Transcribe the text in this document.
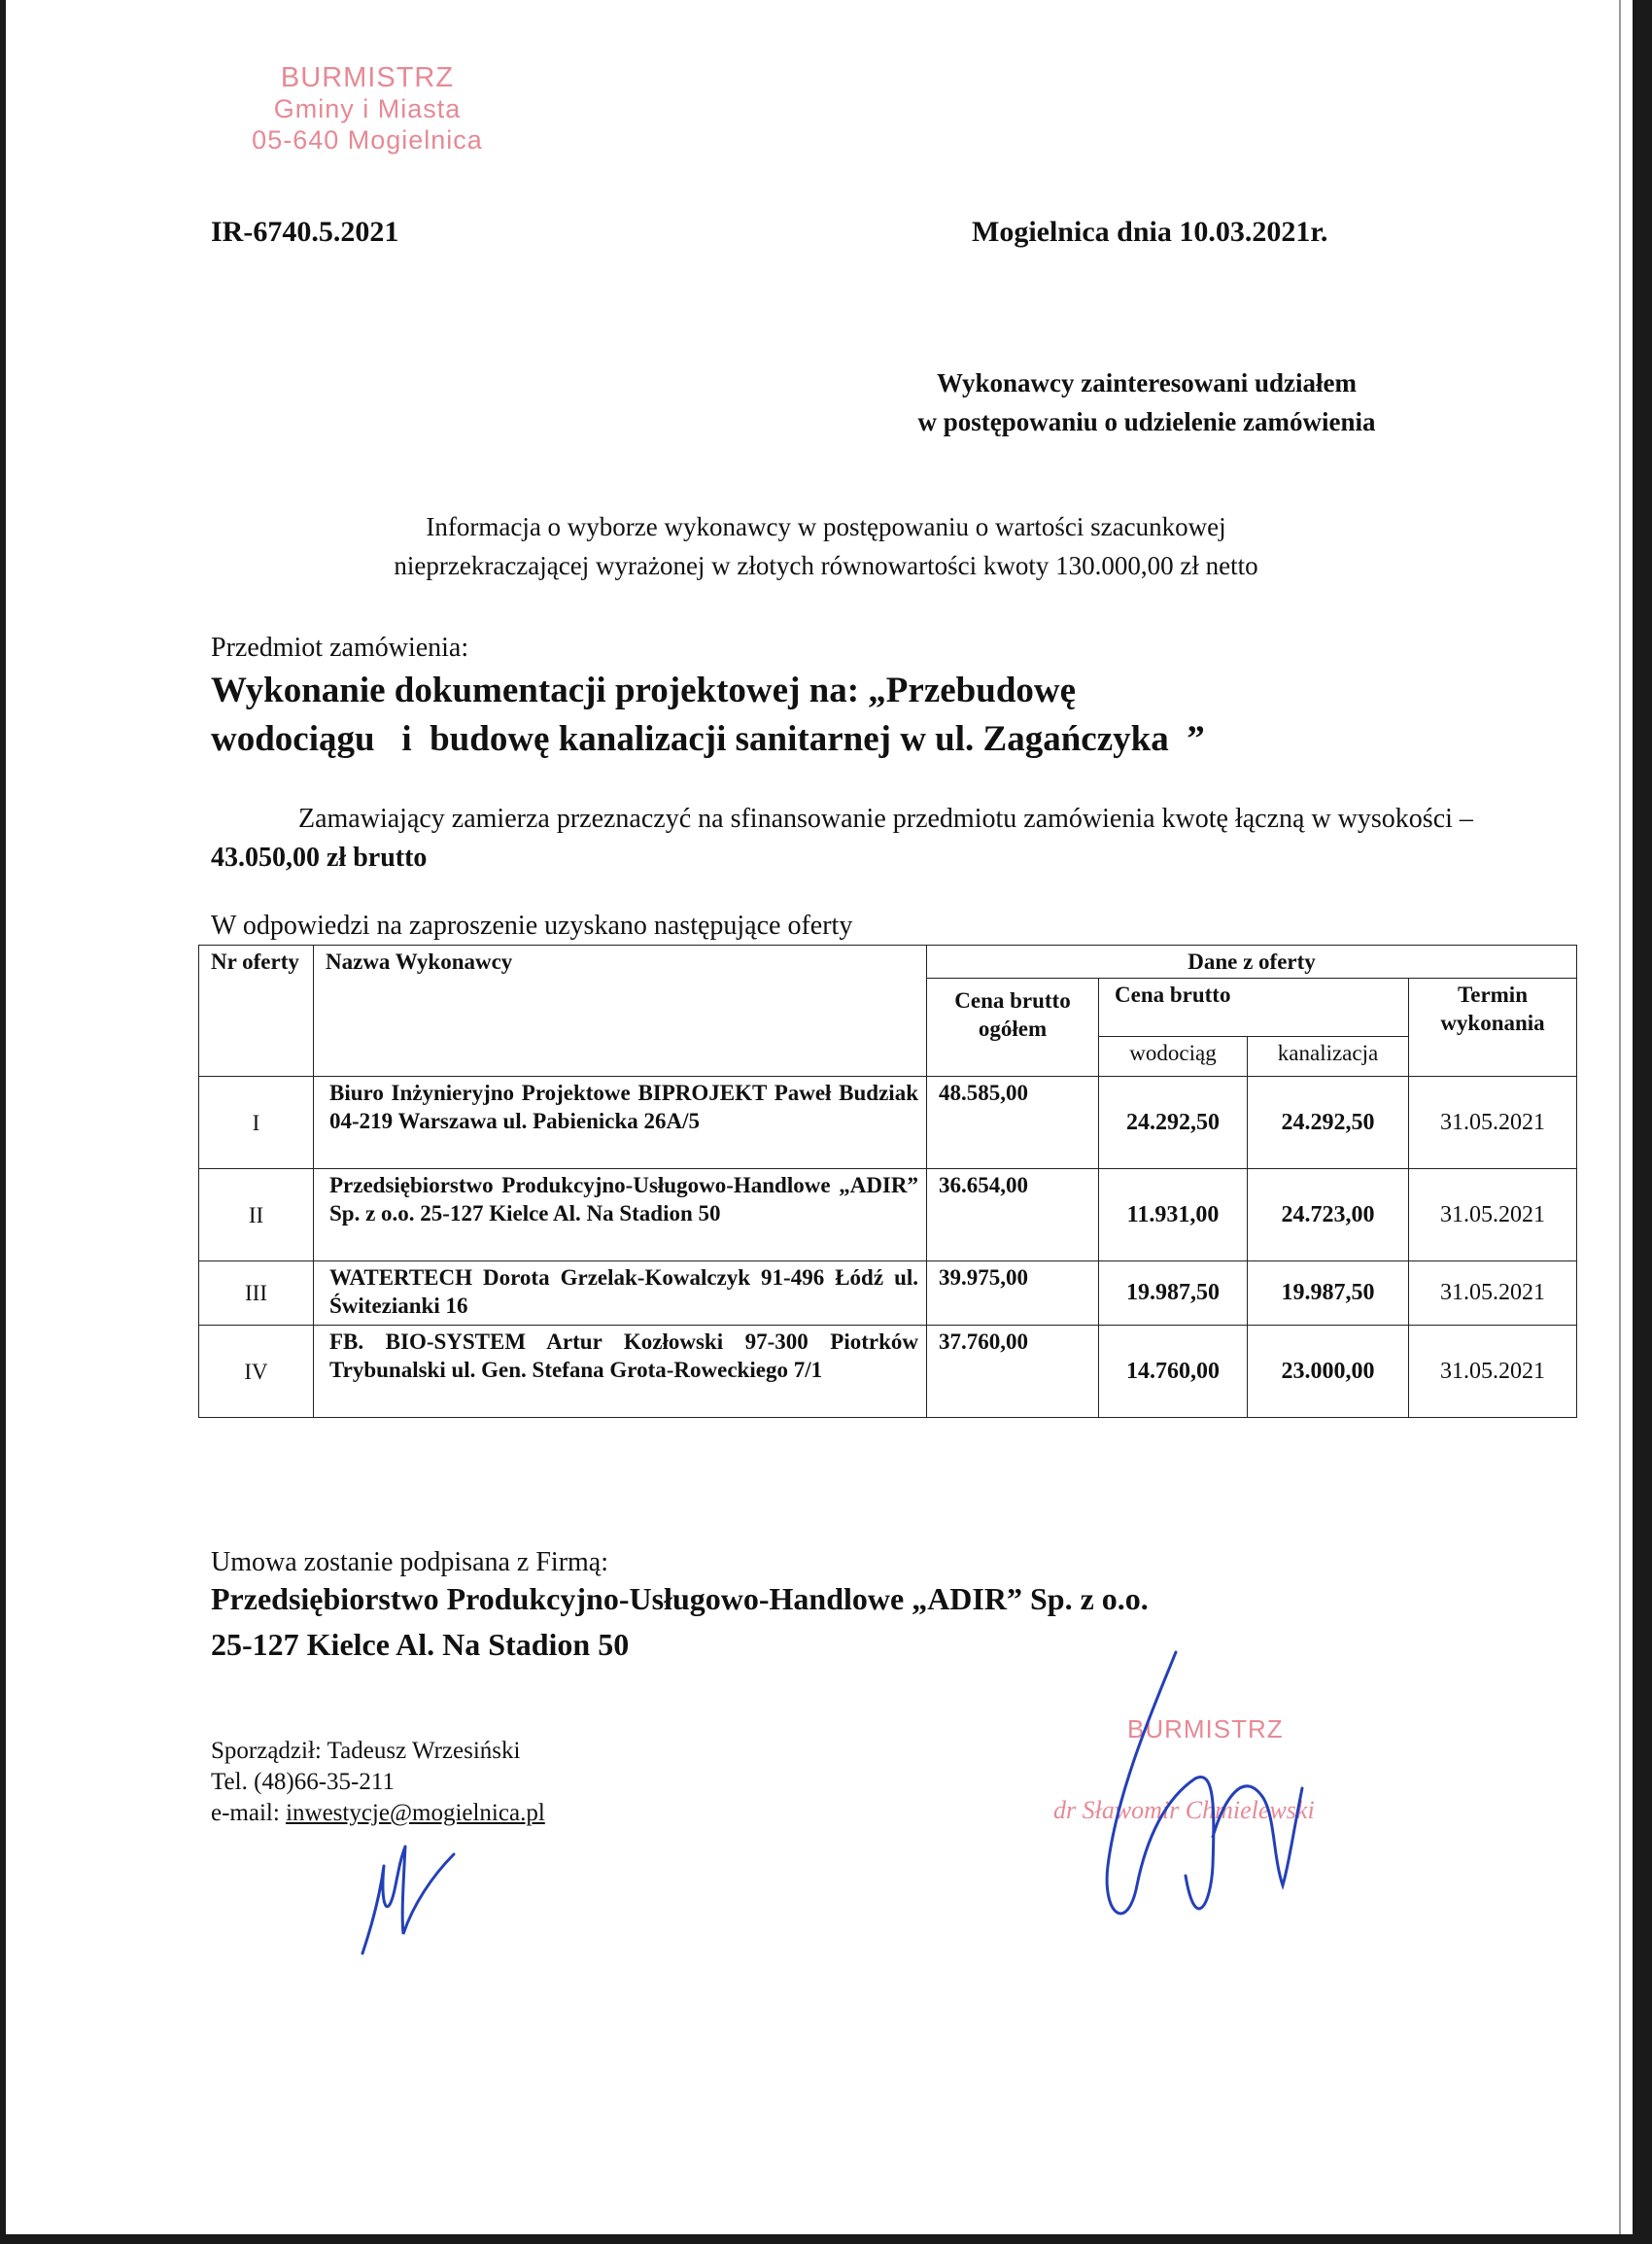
BURMISTRZ
Gminy i Miasta
05-640 Mogielnica
IR-6740.5.2021	Mogielnica dnia 10.03.2021r.
Wykonawcy zainteresowani udziałem
w postępowaniu o udzielenie zamówienia
Informacja o wyborze wykonawcy w postępowaniu o wartości szacunkowej
nieprzekraczającej wyrażonej w złotych równowartości kwoty 130.000,00 zł netto
Przedmiot zamówienia:
Wykonanie dokumentacji projektowej na: „Przebudowę
wodociągu   i  budowę kanalizacji sanitarnej w ul. Zagańczyka  ”
Zamawiający zamierza przeznaczyć na sfinansowanie przedmiotu zamówienia kwotę łączną w wysokości – 43.050,00 zł brutto
W odpowiedzi na zaproszenie uzyskano następujące oferty
Nr oferty	Nazwa Wykonawcy	Dane z oferty			
		Cena brutto ogółem	Cena brutto		Termin wykonania
			wodociąg	kanalizacja	
I	Biuro Inżynieryjno Projektowe BIPROJEKT Paweł Budziak 04-219 Warszawa ul. Pabienicka 26A/5	48.585,00	24.292,50	24.292,50	31.05.2021
II	Przedsiębiorstwo Produkcyjno-Usługowo-Handlowe „ADIR” Sp. z o.o. 25-127 Kielce Al. Na Stadion 50	36.654,00	11.931,00	24.723,00	31.05.2021
III	WATERTECH Dorota Grzelak-Kowalczyk 91-496 Łódź ul. Świtezianki 16	39.975,00	19.987,50	19.987,50	31.05.2021
IV	FB. BIO-SYSTEM Artur Kozłowski 97-300 Piotrków Trybunalski ul. Gen. Stefana Grota-Roweckiego 7/1	37.760,00	14.760,00	23.000,00	31.05.2021
Umowa zostanie podpisana z Firmą:
Przedsiębiorstwo Produkcyjno-Usługowo-Handlowe „ADIR” Sp. z o.o.
25-127 Kielce Al. Na Stadion 50
Sporządził: Tadeusz Wrzesiński
Tel. (48)66-35-211
e-mail: inwestycje@mogielnica.pl
BURMISTRZ
dr Sławomir Chmielewski
